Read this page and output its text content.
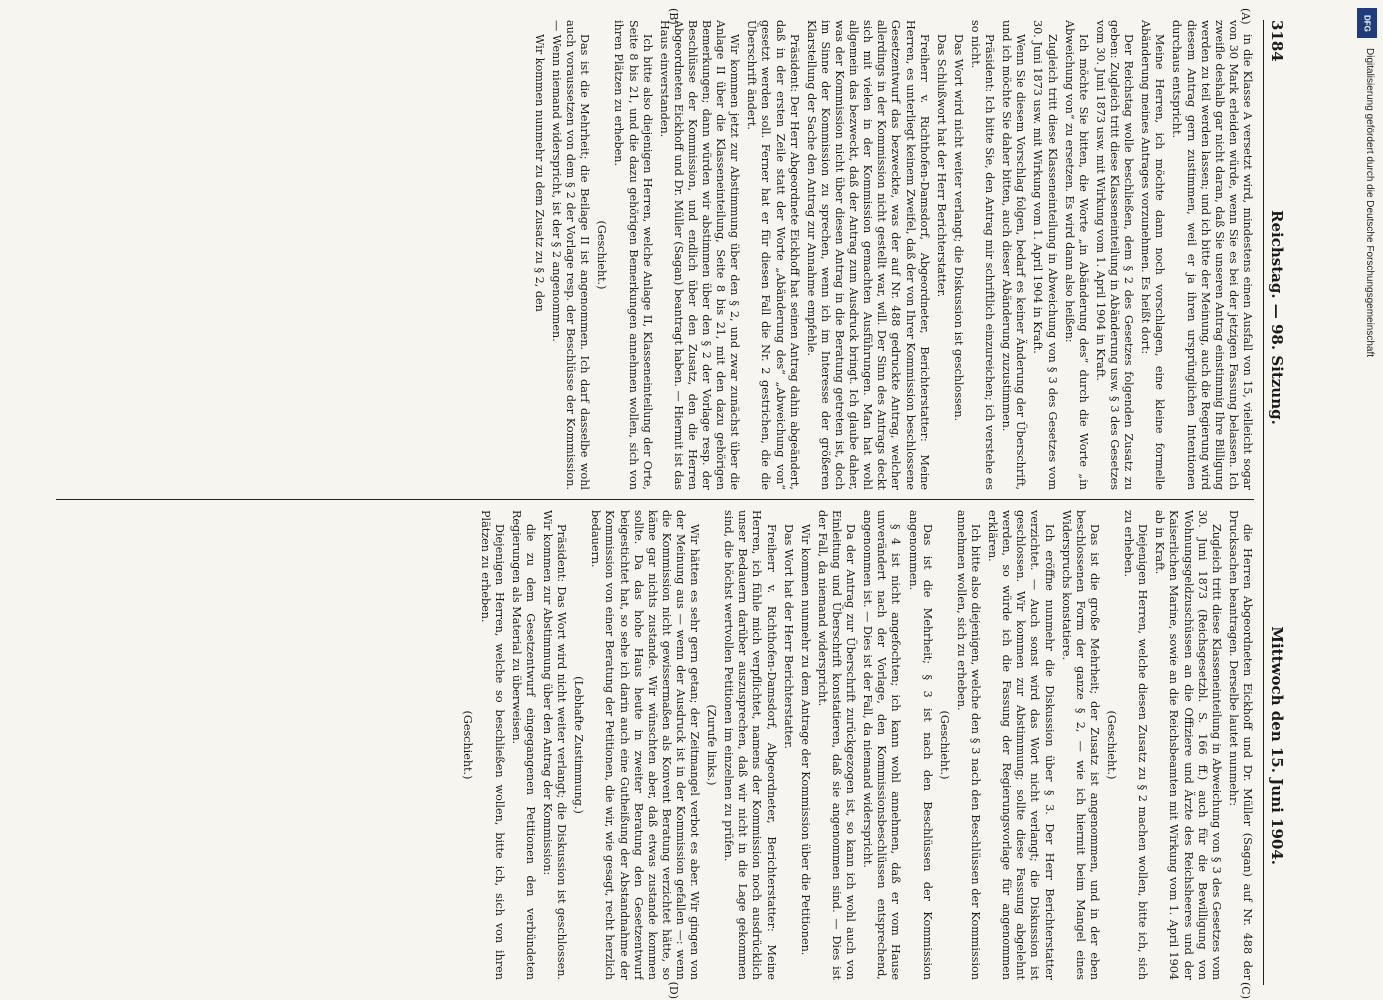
3184
Reichstag. — 98. Sitzung.
Mittwoch den 15. Juni 1904.
(A)
(B)
(C)
(D)

in die Klasse A versetzt wird, mindestens einen Ausfall von 15, vielleicht sogar von 30 Mark erleiden würde, wenn Sie es bei der jetzigen Fassung belassen. Ich zweifle deshalb gar nicht daran, daß Sie unseren Antrag einstimmig Ihre Billigung werden zu teil werden lassen; und ich bitte der Meinung, auch die Regierung wird diesem Antrag gern zustimmen, weil er ja ihren ursprünglichen Intentionen durchaus entspricht.

Meine Herren, ich möchte dann noch vorschlagen, eine kleine formelle Abänderung meines Antrages vorzunehmen. Es heißt dort:

Der Reichstag wolle beschließen, dem § 2 des Gesetzes folgenden Zusatz zu geben: Zugleich tritt diese Klasseneinteilung in Abänderung usw. § 3 des Gesetzes vom 30. Juni 1873 usw. mit Wirkung vom 1. April 1904 in Kraft.

Ich möchte Sie bitten, die Worte „in Abänderung des“ durch die Worte „in Abweichung von“ zu ersetzen. Es wird dann also heißen:

Zugleich tritt diese Klasseneinteilung in Abweichung von § 3 des Gesetzes vom 30. Juni 1873 usw. mit Wirkung vom 1. April 1904 in Kraft.

Wenn Sie diesem Vorschlag folgen, bedarf es keiner Änderung der Überschrift, und ich möchte Sie daher bitten, auch dieser Abänderung zuzustimmen.

Präsident: Ich bitte Sie, den Antrag mir schriftlich einzureichen; ich verstehe es so nicht.

Das Wort wird nicht weiter verlangt; die Diskussion ist geschlossen.

Das Schlußwort hat der Herr Berichterstatter.

Freiherr v. Richthofen-Damsdorf, Abgeordneter, Berichterstatter: Meine Herren, es unterliegt keinem Zweifel, daß der von Ihrer Kommission beschlossene Gesetzentwurf das bezweckte, was der auf Nr. 488 gedruckte Antrag, welcher allerdings in der Kommission nicht gestellt war, will. Der Sinn des Antrags deckt sich mit vielen in der Kommission gemachten Ausführungen. Man hat wohl allgemein das bezweckt, daß der Antrag zum Ausdruck bringt. Ich glaube daher, was der Kommission nicht über diesen Antrag in die Beratung getreten ist, doch im Sinne der Kommission zu sprechen, wenn ich im Interesse der größeren Klarstellung der Sache den Antrag zur Annahme empfehle.

Präsident: Der Herr Abgeordnete Eickhoff hat seinen Antrag dahin abgeändert, daß in der ersten Zeile statt der Worte „Abänderung des“ „Abweichung von“ gesetzt werden soll. Ferner hat er für diesen Fall die Nr. 2 gestrichen, die die Überschrift ändert.

Wir kommen jetzt zur Abstimmung über den § 2, und zwar zunächst über die Anlage II über die Klasseneinteilung, Seite 8 bis 21, mit den dazu gehörigen Bemerkungen; dann würden wir abstimmen über den § 2 der Vorlage resp. der Beschlüsse der Kommission, und endlich über den Zusatz, den die Herren Abgeordneten Eickhoff und Dr. Müller (Sagan) beantragt haben. — Hiermit ist das Haus einverstanden.

Ich bitte also diejenigen Herren, welche Anlage II, Klasseneinteilung der Orte, Seite 8 bis 21, und die dazu gehörigen Bemerkungen annehmen wollen, sich von ihren Plätzen zu erheben.

(Geschieht.)

Das ist die Mehrheit; die Beilage II ist angenommen. Ich darf dasselbe wohl auch voraussetzen von dem § 2 der Vorlage resp. der Beschlüsse der Kommission. — Wenn niemand widerspricht, ist der § 2 angenommen.

Wir kommen nunmehr zu dem Zusatz zu § 2, den

die Herren Abgeordneten Eickhoff und Dr. Müller (Sagan) auf Nr. 488 der Drucksachen beantragen. Derselbe lautet nunmehr:

Zugleich tritt diese Klasseneinteilung in Abweichung von § 3 des Gesetzes vom 30. Juni 1873 (Reichsgesetzbl. S. 166 ff.) auch für die Bewilligung von Wohnungsgeldzuschüssen an die Offiziere und Ärzte des Reichsheeres und der Kaiserlichen Marine, sowie an die Reichsbeamten mit Wirkung vom 1. April 1904 ab in Kraft.

Diejenigen Herren, welche diesen Zusatz zu § 2 machen wollen, bitte ich, sich zu erheben.

(Geschieht.)

Das ist die große Mehrheit; der Zusatz ist angenommen, und in der eben beschlossenen Form der ganze § 2, — wie ich hiermit beim Mangel eines Widerspruchs konstatiere.

Ich eröffne nunmehr die Diskussion über § 3. Der Herr Berichterstatter verzichtet. — Auch sonst wird das Wort nicht verlangt; die Diskussion ist geschlossen. Wir kommen zur Abstimmung; sollte diese Fassung abgelehnt werden, so würde ich die Fassung der Regierungsvorlage für angenommen erklären.

Ich bitte also diejenigen, welche den § 3 nach den Beschlüssen der Kommission annehmen wollen, sich zu erheben.

(Geschieht.)

Das ist die Mehrheit; § 3 ist nach den Beschlüssen der Kommission angenommen.

§ 4 ist nicht angefochten; ich kann wohl annehmen, daß er vom Hause unverändert nach der Vorlage, den Kommissionsbeschlüssen entsprechend, angenommen ist. — Dies ist der Fall, da niemand widerspricht.

Da der Antrag zur Überschrift zurückgezogen ist, so kann ich wohl auch von Einleitung und Überschrift konstatieren, daß sie angenommen sind. — Dies ist der Fall, da niemand widerspricht.

Wir kommen nunmehr zu dem Antrage der Kommission über die Petitionen.

Das Wort hat der Herr Berichterstatter.

Freiherr v. Richthofen-Damsdorf, Abgeordneter, Berichterstatter: Meine Herren, ich fühle mich verpflichtet, namens der Kommission noch ausdrücklich unser Bedauern darüber auszusprechen, daß wir nicht in die Lage gekommen sind, die höchst wertvollen Petitionen im einzelnen zu prüfen.

(Zurufe links.)

Wir hätten es sehr gern getan; der Zeitmangel verbot es aber. Wir gingen von der Meinung aus — wenn der Ausdruck ist in der Kommission gefallen —: wenn die Kommission nicht gewissermaßen als Konvent Beratung verzichtet hätte, so käme gar nichts zustande. Wir wünschten aber, daß etwas zustande kommen sollte. Da das hohe Haus heute in zweiter Beratung den Gesetzentwurf beigestichtet hat, so sehe ich darin auch eine Gutheißung der Abstandnahme der Kommission von einer Beratung der Petitionen, die wir, wie gesagt, recht herzlich bedauern.

(Lebhafte Zustimmung.)

Präsident: Das Wort wird nicht weiter verlangt; die Diskussion ist geschlossen. Wir kommen zur Abstimmung über den Antrag der Kommission:

die zu dem Gesetzentwurf eingegangenen Petitionen den verbündeten Regierungen als Material zu überweisen.

Diejenigen Herren, welche so beschließen wollen, bitte ich, sich von ihren Plätzen zu erheben.

(Geschieht.)

DFG
Digitalisierung gefördert durch die Deutsche Forschungsgemeinschaft
